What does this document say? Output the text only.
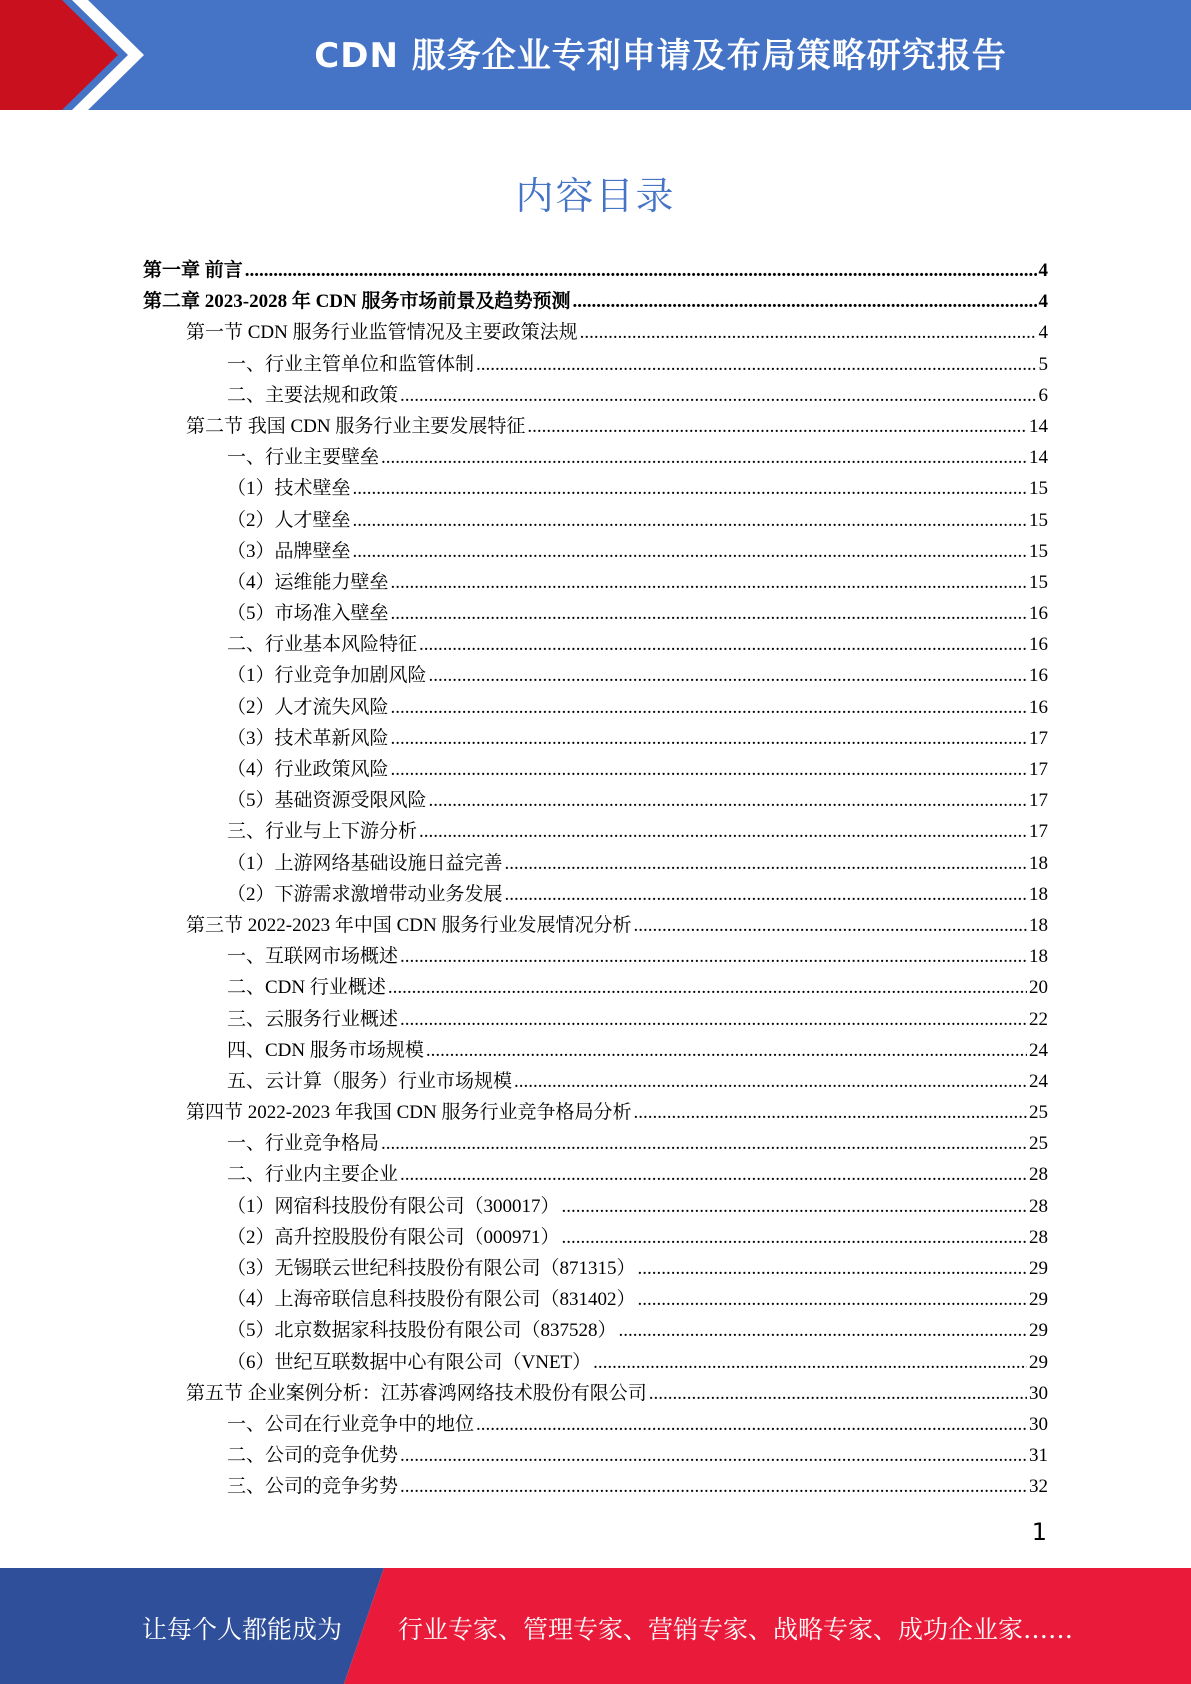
CDN 服务企业专利申请及布局策略研究报告
内容目录
第一章 前言 .....	4
第二章 2023-2028 年 CDN 服务市场前景及趋势预测 .....	4
第一节 CDN 服务行业监管情况及主要政策法规 .....	4
一、行业主管单位和监管体制 .....	5
二、主要法规和政策 .....	6
第二节 我国 CDN 服务行业主要发展特征 .....	14
一、行业主要壁垒 .....	14
（1）技术壁垒 .....	15
（2）人才壁垒 .....	15
（3）品牌壁垒 .....	15
（4）运维能力壁垒 .....	15
（5）市场准入壁垒 .....	16
二、行业基本风险特征 .....	16
（1）行业竞争加剧风险 .....	16
（2）人才流失风险 .....	16
（3）技术革新风险 .....	17
（4）行业政策风险 .....	17
（5）基础资源受限风险 .....	17
三、行业与上下游分析 .....	17
（1）上游网络基础设施日益完善 .....	18
（2）下游需求激增带动业务发展 .....	18
第三节 2022-2023 年中国 CDN 服务行业发展情况分析 .....	18
一、互联网市场概述 .....	18
二、CDN 行业概述 .....	20
三、云服务行业概述 .....	22
四、CDN 服务市场规模 .....	24
五、云计算（服务）行业市场规模 .....	24
第四节 2022-2023 年我国 CDN 服务行业竞争格局分析 .....	25
一、行业竞争格局 .....	25
二、行业内主要企业 .....	28
（1）网宿科技股份有限公司（300017） .....	28
（2）高升控股股份有限公司（000971） .....	28
（3）无锡联云世纪科技股份有限公司（871315） .....	29
（4）上海帝联信息科技股份有限公司（831402） .....	29
（5）北京数据家科技股份有限公司（837528） .....	29
（6）世纪互联数据中心有限公司（VNET） .....	29
第五节 企业案例分析：江苏睿鸿网络技术股份有限公司 .....	30
一、公司在行业竞争中的地位 .....	30
二、公司的竞争优势 .....	31
三、公司的竞争劣势 .....	32
1
让每个人都能成为 行业专家、管理专家、营销专家、战略专家、成功企业家……
